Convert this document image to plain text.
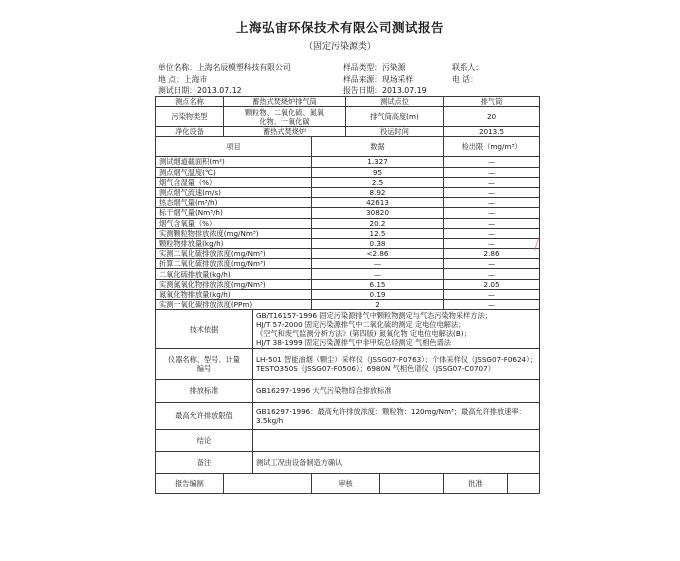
上海弘宙环保技术有限公司测试报告
（固定污染源类）
单位名称：上海名辰模塑科技有限公司	样品类型：污染源	联系人：
地 点：上海市	样品来源：现场采样	电 话：
测试日期：2013.07.12	报告日期：2013.07.19
测点名称	蓄热式焚烧炉排气筒			测试点位		排气筒	
污染物类型	颗粒物、二氧化硫、氮氧
化物、一氧化碳			排气筒高度(m)		20	
净化设备	蓄热式焚烧炉			投运时间		2013.5	
项目			数据			检出限（mg/m³）	
测试烟道截面积(m²)			1.327			—	
测点烟气温度(℃)			95			—	
烟气含湿量（%）			2.5			—	
测点烟气流速(m/s)			8.92			—	
热态烟气量(m³/h)			42613			—	
标干烟气量(Nm³/h)			30820			—	
烟气含氧量（%）			20.2			—	
实测颗粒物排放浓度(mg/Nm³)			12.5			—	
颗粒物排放量(kg/h)			0.38			—	
实测二氧化硫排放浓度(mg/Nm³)			<2.86			2.86	
折算二氧化硫排放浓度(mg/Nm³)			—			—	
二氧化硫排放量(kg/h)			—			—	
实测氮氧化物排放浓度(mg/Nm³)			6.15			2.05	
氮氧化物排放量(kg/h)			0.19			—	
实测一氧化碳排放浓度(PPm)			2			—	
技术依据		GB/T16157-1996 固定污染源排气中颗粒物测定与气态污染物采样方法；
HJ/T 57-2000 固定污染源排气中二氧化硫的测定 定电位电解法；
《空气和废气监测分析方法》(第四版) 氮氧化物 定电位电解法(B)；
HJ/T 38-1999 固定污染源排气中非甲烷总烃测定 气相色谱法					

仪器名称、型号、计量
编号		LH-501 智能油烟（颗尘）采样仪（JSSG07-F0763）；个体采样仪（JSSG07-F0624）；
TESTO350S（JSSG07-F0506）；6980N 气相色谱仪（JSSG07-C0707）					

排放标准		GB16297-1996 大气污染物综合排放标准					
最高允许排放限值		GB16297-1996：最高允许排放浓度：颗粒物：120mg/Nm³；最高允许排放速率：
3.5kg/h					

结论							
备注		测试工况由设备制造方确认					
报告编制			审核			批准	
